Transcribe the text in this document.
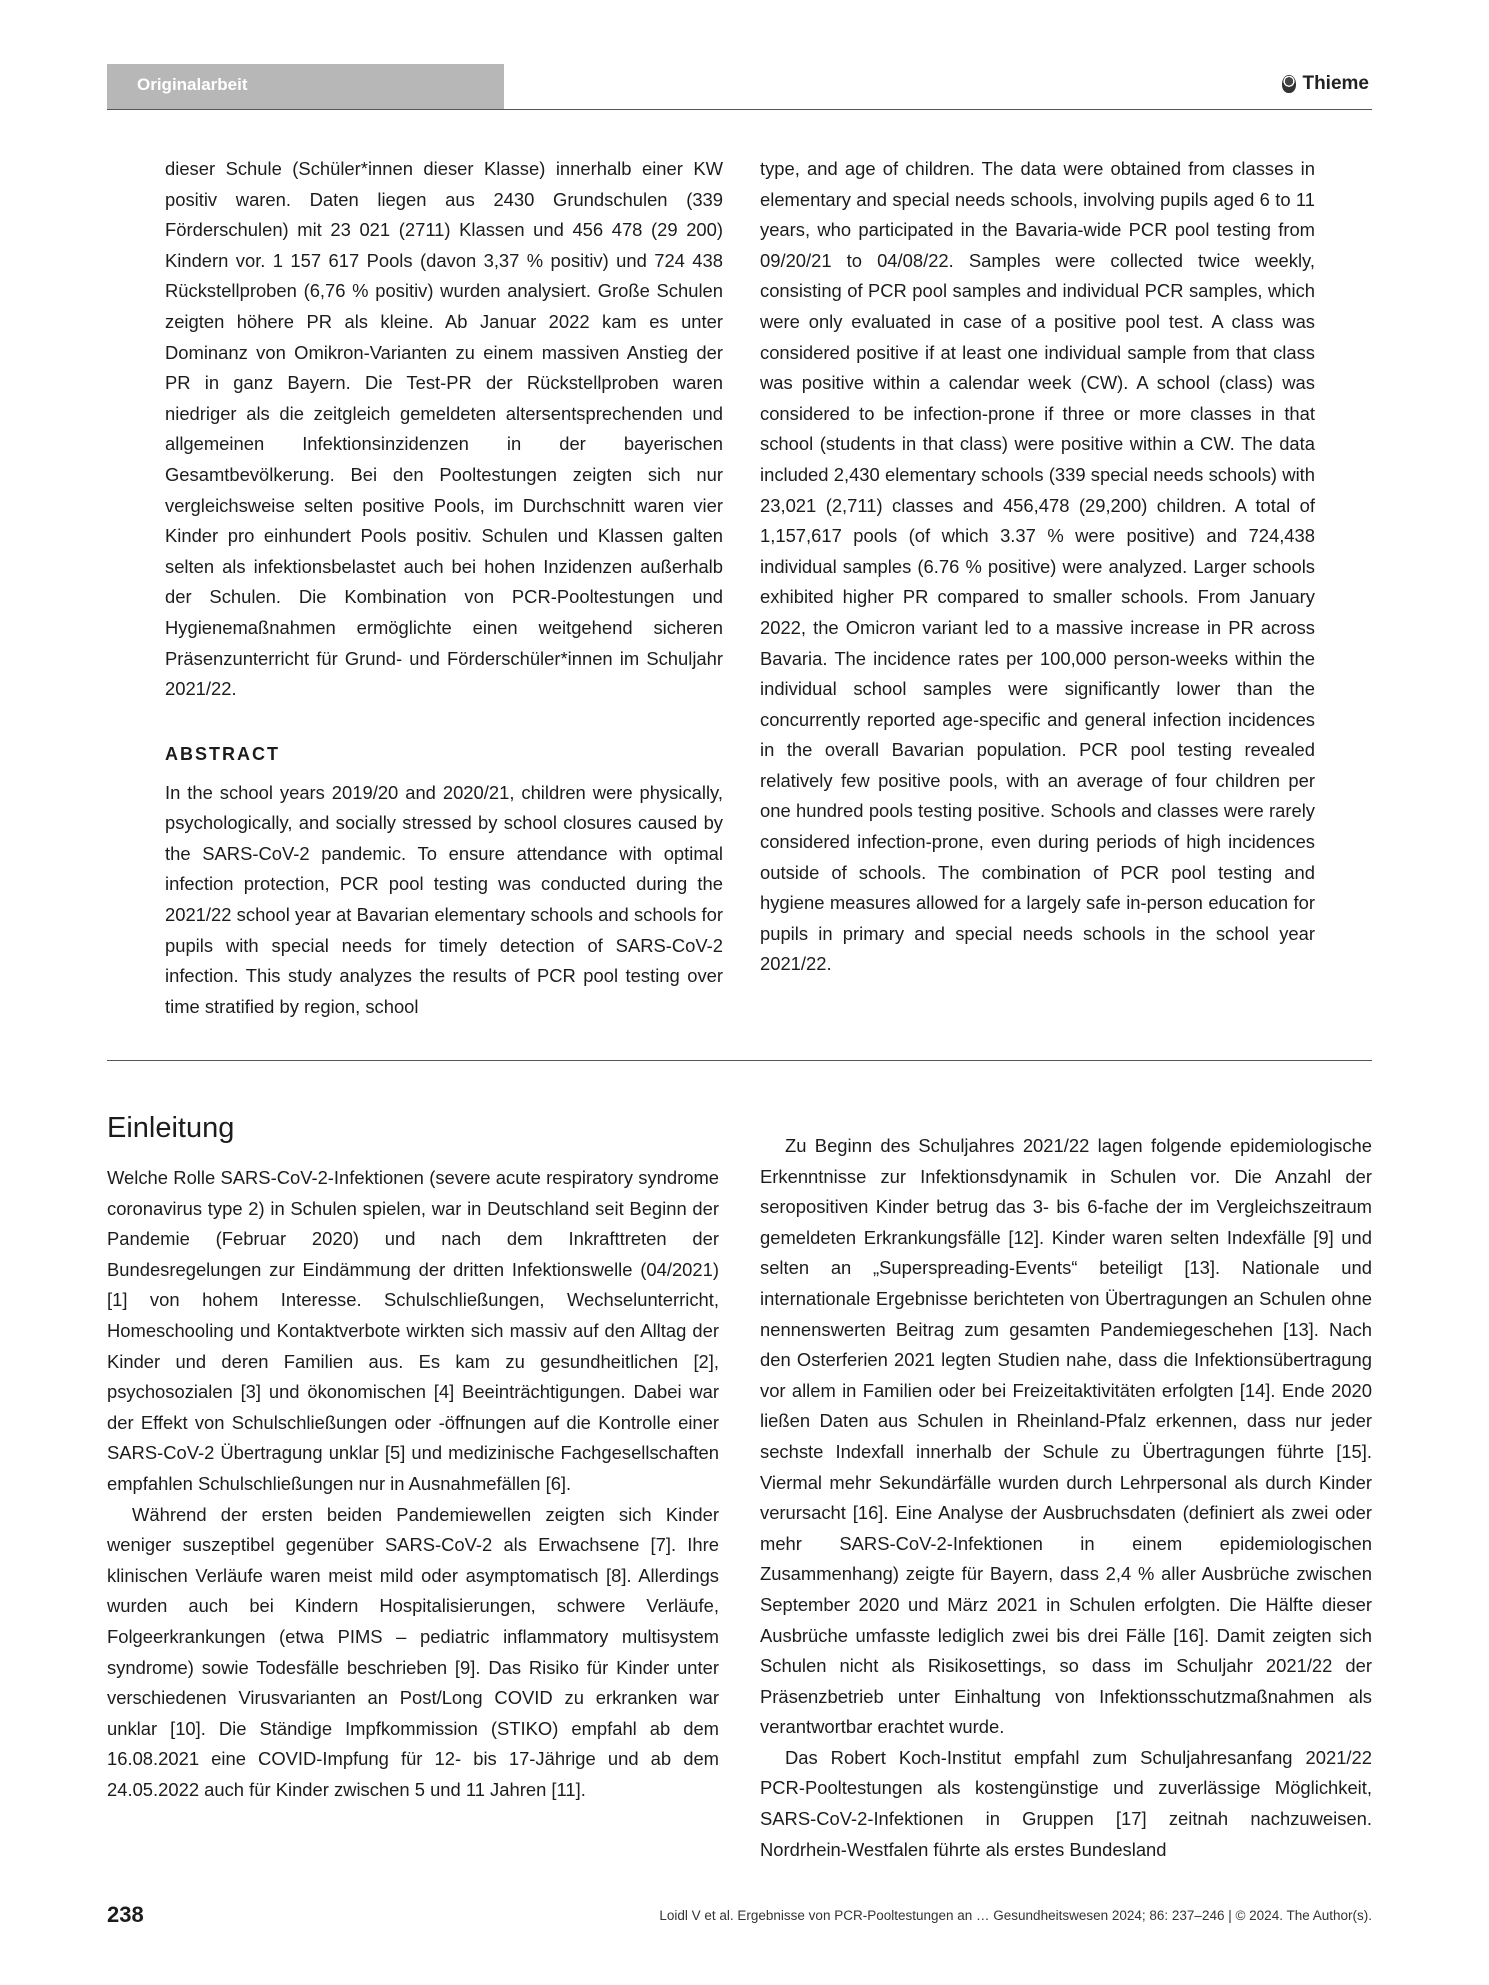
Originalarbeit	Thieme

dieser Schule (Schüler*innen dieser Klasse) innerhalb einer KW positiv waren. Daten liegen aus 2430 Grundschulen (339 Förderschulen) mit 23 021 (2711) Klassen und 456 478 (29 200) Kindern vor. 1 157 617 Pools (davon 3,37 % positiv) und 724 438 Rückstellproben (6,76 % positiv) wurden analysiert. Große Schulen zeigten höhere PR als kleine. Ab Januar 2022 kam es unter Dominanz von Omikron-Varianten zu einem massiven Anstieg der PR in ganz Bayern. Die Test-PR der Rückstellproben waren niedriger als die zeitgleich gemeldeten altersentsprechenden und allgemeinen Infektionsinzidenzen in der bayerischen Gesamtbevölkerung. Bei den Pooltestungen zeigten sich nur vergleichsweise selten positive Pools, im Durchschnitt waren vier Kinder pro einhundert Pools positiv. Schulen und Klassen galten selten als infektionsbelastet auch bei hohen Inzidenzen außerhalb der Schulen. Die Kombination von PCR-Pooltestungen und Hygienemaßnahmen ermöglichte einen weitgehend sicheren Präsenzunterricht für Grund- und Förderschüler*innen im Schuljahr 2021/22.

ABSTRACT

In the school years 2019/20 and 2020/21, children were physically, psychologically, and socially stressed by school closures caused by the SARS-CoV-2 pandemic. To ensure attendance with optimal infection protection, PCR pool testing was conducted during the 2021/22 school year at Bavarian elementary schools and schools for pupils with special needs for timely detection of SARS-CoV-2 infection. This study analyzes the results of PCR pool testing over time stratified by region, school

type, and age of children. The data were obtained from classes in elementary and special needs schools, involving pupils aged 6 to 11 years, who participated in the Bavaria-wide PCR pool testing from 09/20/21 to 04/08/22. Samples were collected twice weekly, consisting of PCR pool samples and individual PCR samples, which were only evaluated in case of a positive pool test. A class was considered positive if at least one individual sample from that class was positive within a calendar week (CW). A school (class) was considered to be infection-prone if three or more classes in that school (students in that class) were positive within a CW. The data included 2,430 elementary schools (339 special needs schools) with 23,021 (2,711) classes and 456,478 (29,200) children. A total of 1,157,617 pools (of which 3.37 % were positive) and 724,438 individual samples (6.76 % positive) were analyzed. Larger schools exhibited higher PR compared to smaller schools. From January 2022, the Omicron variant led to a massive increase in PR across Bavaria. The incidence rates per 100,000 person-weeks within the individual school samples were significantly lower than the concurrently reported age-specific and general infection incidences in the overall Bavarian population. PCR pool testing revealed relatively few positive pools, with an average of four children per one hundred pools testing positive. Schools and classes were rarely considered infection-prone, even during periods of high incidences outside of schools. The combination of PCR pool testing and hygiene measures allowed for a largely safe in-person education for pupils in primary and special needs schools in the school year 2021/22.

Einleitung

Welche Rolle SARS-CoV-2-Infektionen (severe acute respiratory syndrome coronavirus type 2) in Schulen spielen, war in Deutschland seit Beginn der Pandemie (Februar 2020) und nach dem Inkrafttreten der Bundesregelungen zur Eindämmung der dritten Infektionswelle (04/2021) [1] von hohem Interesse. Schulschließungen, Wechselunterricht, Homeschooling und Kontaktverbote wirkten sich massiv auf den Alltag der Kinder und deren Familien aus. Es kam zu gesundheitlichen [2], psychosozialen [3] und ökonomischen [4] Beeinträchtigungen. Dabei war der Effekt von Schulschließungen oder -öffnungen auf die Kontrolle einer SARS-CoV-2 Übertragung unklar [5] und medizinische Fachgesellschaften empfahlen Schulschließungen nur in Ausnahmefällen [6].

Während der ersten beiden Pandemiewellen zeigten sich Kinder weniger suszeptibel gegenüber SARS-CoV-2 als Erwachsene [7]. Ihre klinischen Verläufe waren meist mild oder asymptomatisch [8]. Allerdings wurden auch bei Kindern Hospitalisierungen, schwere Verläufe, Folgeerkrankungen (etwa PIMS – pediatric inflammatory multisystem syndrome) sowie Todesfälle beschrieben [9]. Das Risiko für Kinder unter verschiedenen Virusvarianten an Post/Long COVID zu erkranken war unklar [10]. Die Ständige Impfkommission (STIKO) empfahl ab dem 16.08.2021 eine COVID-Impfung für 12- bis 17-Jährige und ab dem 24.05.2022 auch für Kinder zwischen 5 und 11 Jahren [11].

Zu Beginn des Schuljahres 2021/22 lagen folgende epidemiologische Erkenntnisse zur Infektionsdynamik in Schulen vor. Die Anzahl der seropositiven Kinder betrug das 3- bis 6-fache der im Vergleichszeitraum gemeldeten Erkrankungsfälle [12]. Kinder waren selten Indexfälle [9] und selten an „Superspreading-Events“ beteiligt [13]. Nationale und internationale Ergebnisse berichteten von Übertragungen an Schulen ohne nennenswerten Beitrag zum gesamten Pandemiegeschehen [13]. Nach den Osterferien 2021 legten Studien nahe, dass die Infektionsübertragung vor allem in Familien oder bei Freizeitaktivitäten erfolgten [14]. Ende 2020 ließen Daten aus Schulen in Rheinland-Pfalz erkennen, dass nur jeder sechste Indexfall innerhalb der Schule zu Übertragungen führte [15]. Viermal mehr Sekundärfälle wurden durch Lehrpersonal als durch Kinder verursacht [16]. Eine Analyse der Ausbruchsdaten (definiert als zwei oder mehr SARS-CoV-2-Infektionen in einem epidemiologischen Zusammenhang) zeigte für Bayern, dass 2,4 % aller Ausbrüche zwischen September 2020 und März 2021 in Schulen erfolgten. Die Hälfte dieser Ausbrüche umfasste lediglich zwei bis drei Fälle [16]. Damit zeigten sich Schulen nicht als Risikosettings, so dass im Schuljahr 2021/22 der Präsenzbetrieb unter Einhaltung von Infektionsschutzmaßnahmen als verantwortbar erachtet wurde.

Das Robert Koch-Institut empfahl zum Schuljahresanfang 2021/22 PCR-Pooltestungen als kostengünstige und zuverlässige Möglichkeit, SARS-CoV-2-Infektionen in Gruppen [17] zeitnah nachzuweisen. Nordrhein-Westfalen führte als erstes Bundesland

238	Loidl V et al. Ergebnisse von PCR-Pooltestungen an … Gesundheitswesen 2024; 86: 237–246 | © 2024. The Author(s).
